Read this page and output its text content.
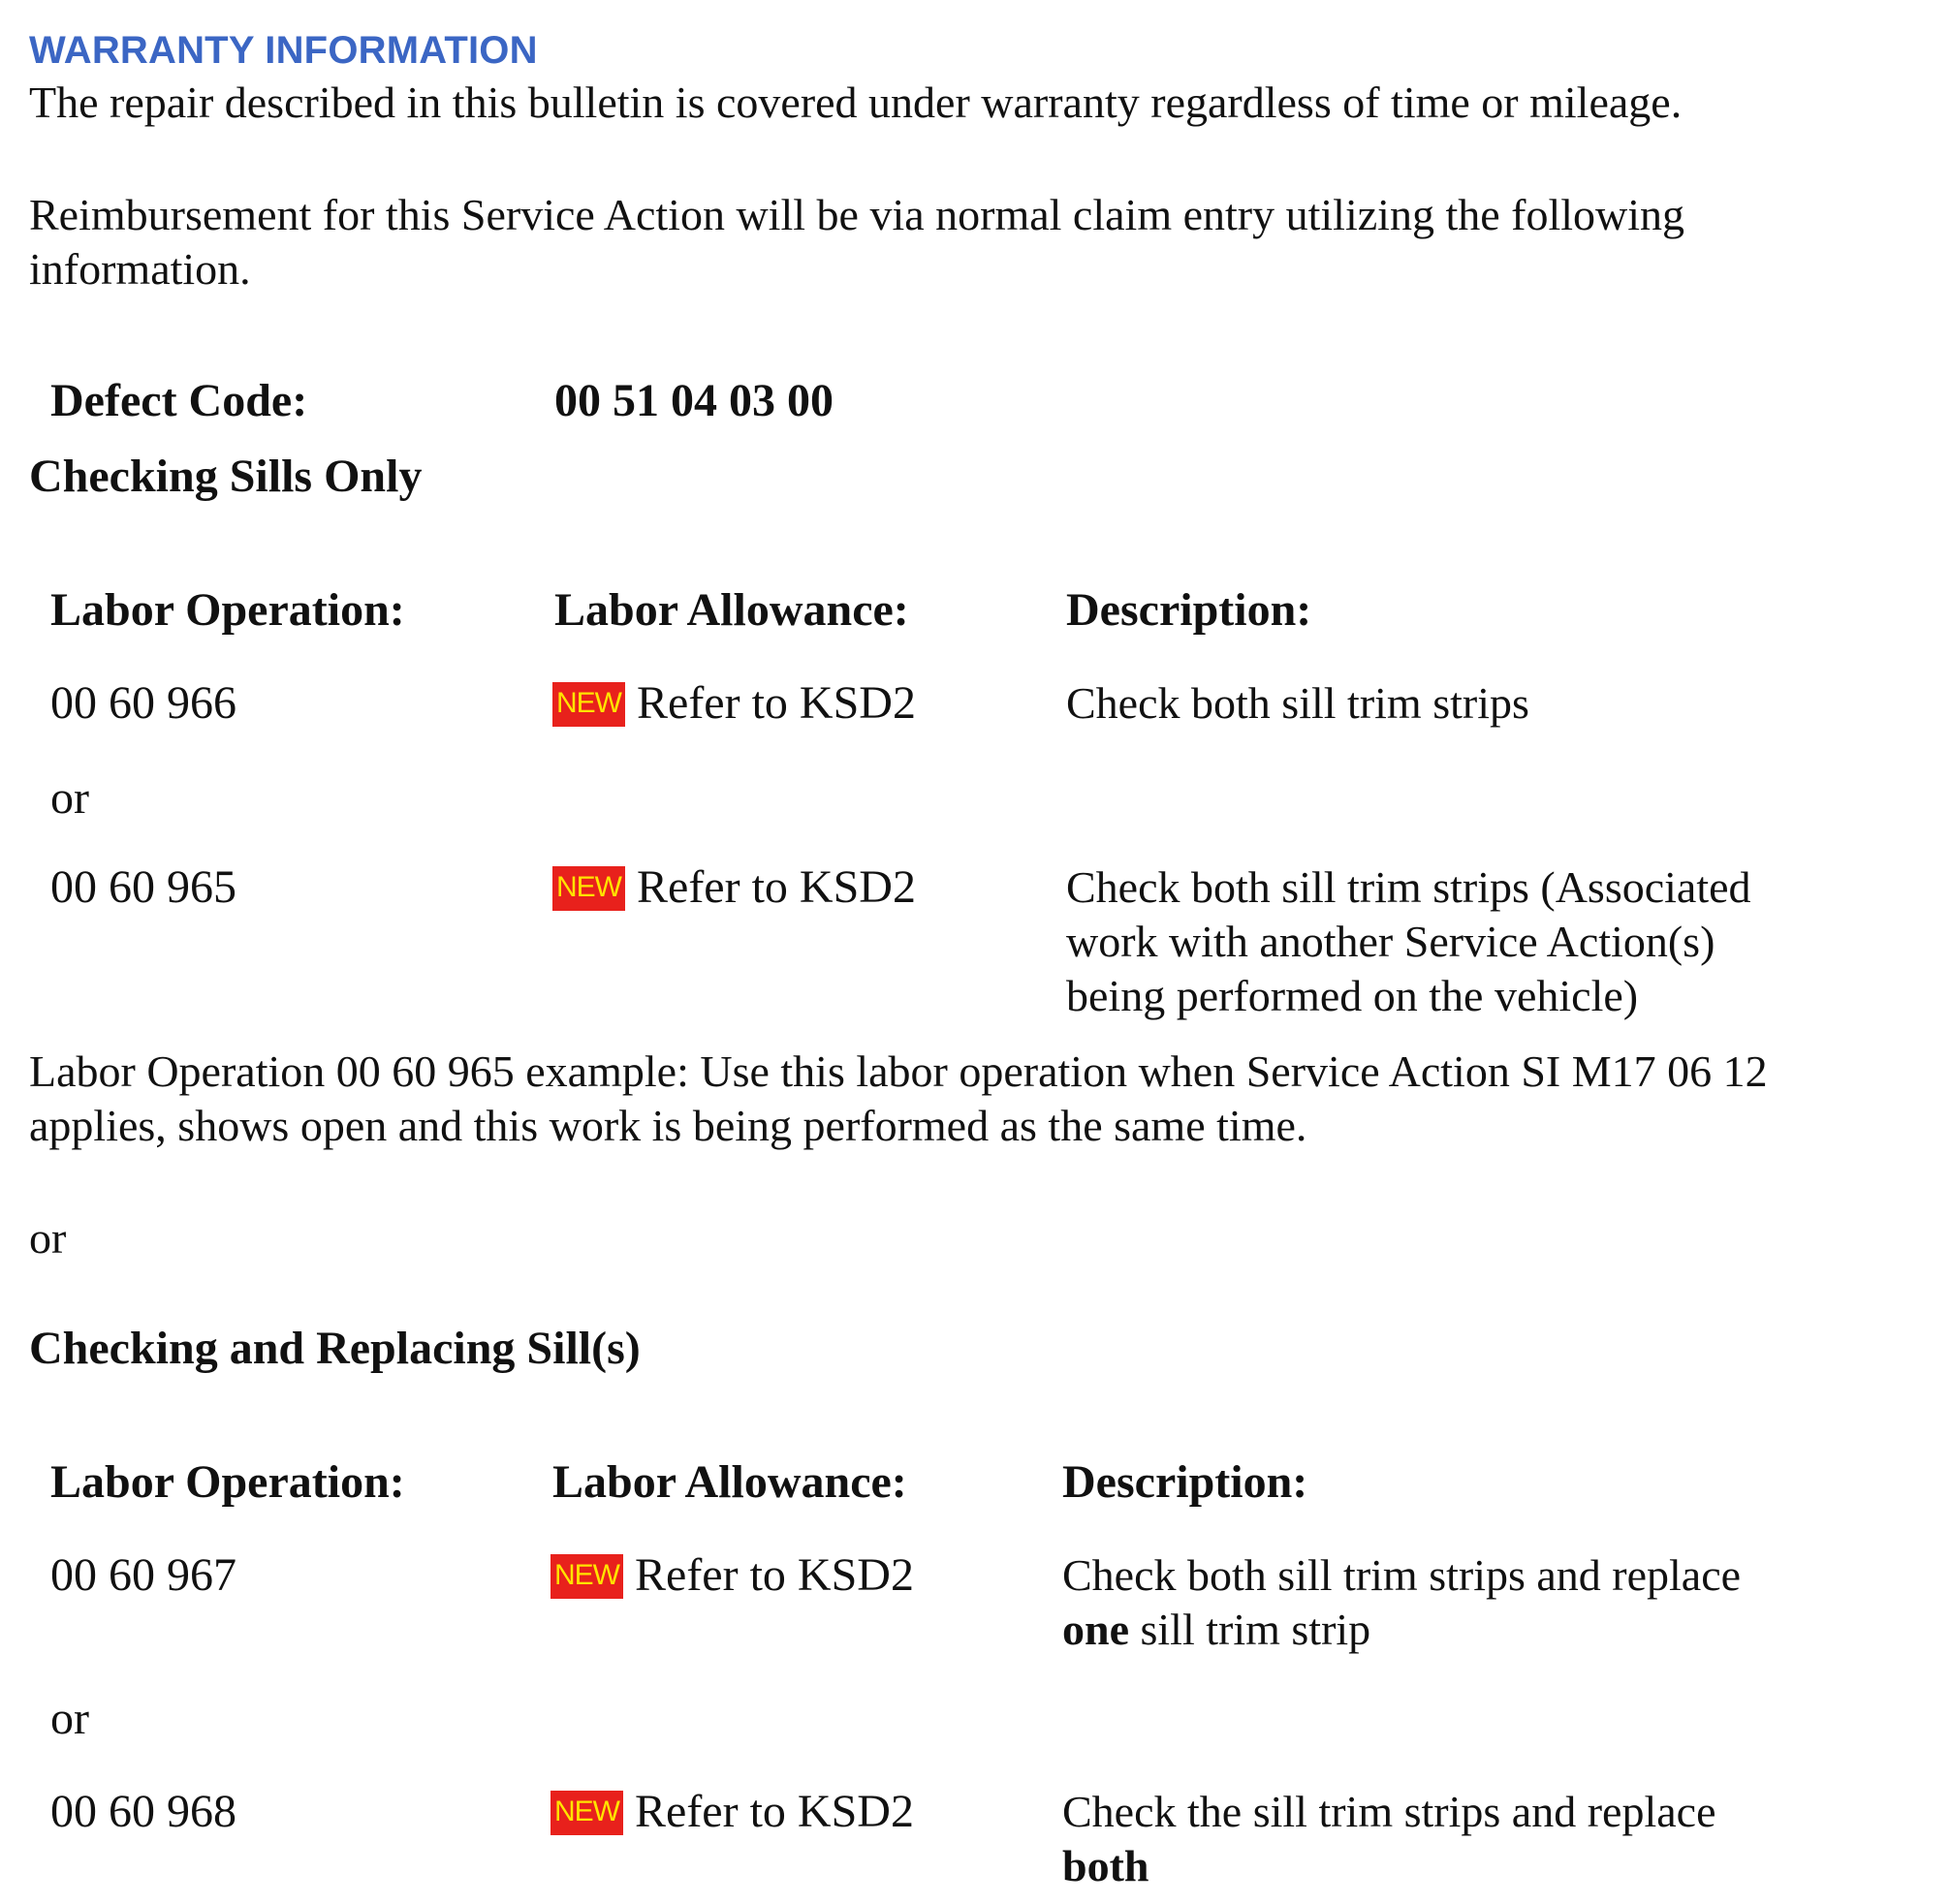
WARRANTY INFORMATION
The repair described in this bulletin is covered under warranty regardless of time or mileage.
Reimbursement for this Service Action will be via normal claim entry utilizing the following
information.
Defect Code:	00 51 04 03 00
Checking Sills Only
Labor Operation:	Labor Allowance:	Description:
00 60 966	NEW Refer to KSD2	Check both sill trim strips
or
00 60 965	NEW Refer to KSD2	Check both sill trim strips (Associated
work with another Service Action(s)
being performed on the vehicle)
Labor Operation 00 60 965 example: Use this labor operation when Service Action SI M17 06 12
applies, shows open and this work is being performed as the same time.
or
Checking and Replacing Sill(s)
Labor Operation:	Labor Allowance:	Description:
00 60 967	NEW Refer to KSD2	Check both sill trim strips and replace
one sill trim strip
or
00 60 968	NEW Refer to KSD2	Check the sill trim strips and replace
both
